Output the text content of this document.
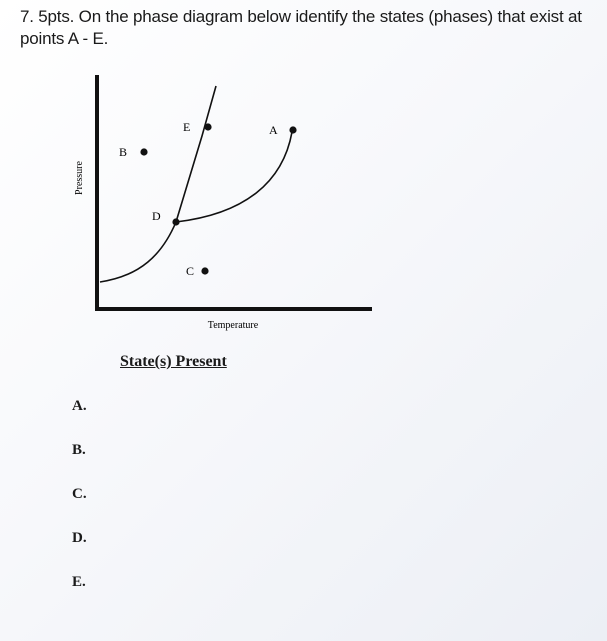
7. 5pts. On the phase diagram below identify the states (phases) that exist at
points A - E.
Pressure
Temperature
A
B
C
D
E
State(s) Present
A.
B.
C.
D.
E.
